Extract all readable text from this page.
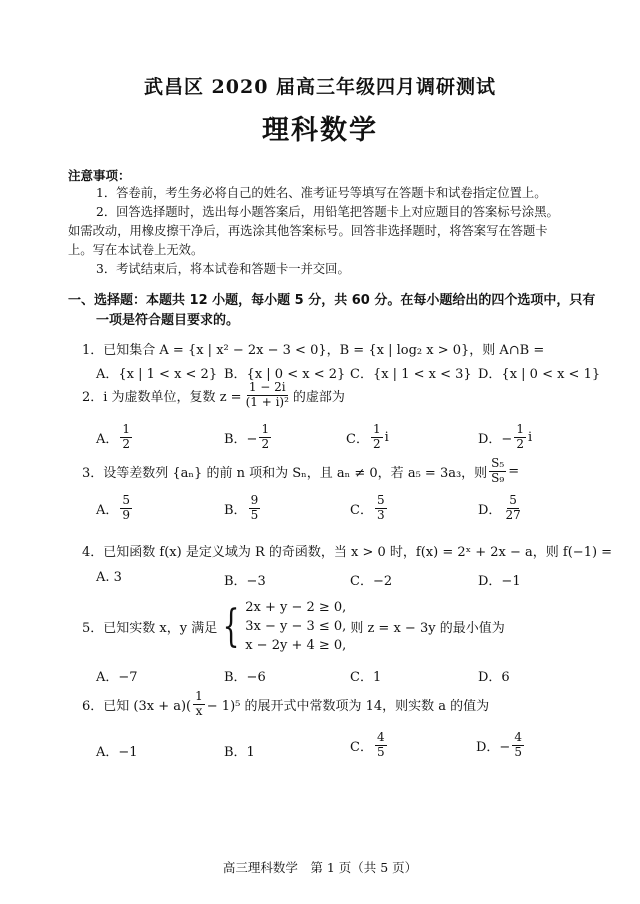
武昌区 2020 届高三年级四月调研测试
理科数学
注意事项：
1．答卷前，考生务必将自己的姓名、准考证号等填写在答题卡和试卷指定位置上。
2．回答选择题时，选出每小题答案后，用铅笔把答题卡上对应题目的答案标号涂黑。
如需改动，用橡皮擦干净后，再选涂其他答案标号。回答非选择题时，将答案写在答题卡
上。写在本试卷上无效。
3．考试结束后，将本试卷和答题卡一并交回。
一、选择题：本题共 12 小题，每小题 5 分，共 60 分。在每小题给出的四个选项中，只有
一项是符合题目要求的。
1．已知集合 A = {x | x² − 2x − 3 < 0}，B = {x | log₂ x > 0}，则 A∩B =
A．{x | 1 < x < 2} B．{x | 0 < x < 2} C．{x | 1 < x < 3} D．{x | 0 < x < 1}
2．i 为虚数单位，复数 $z = \frac{1 - 2i}{\text{(1 + i)²}}$ 的虚部为
A． $\frac{1}{2}$	B．− $\frac{1}{2}$	C． $\frac{1}{2}$ i	D．− $\frac{1}{2}$ i
3．设等差数列 {aₙ} 的前 n 项和为 Sₙ，且 aₙ ≠ 0，若 a₅ = 3a₃，则 $\frac{\text{S₅}}{\text{S₉}}$ =
A． $\frac{5}{9}$	B． $\frac{9}{5}$	C． $\frac{5}{3}$	D． $\frac{5}{27}$
4．已知函数 f(x) 是定义域为 R 的奇函数，当 x > 0 时，f(x) = 2ˣ + 2x − a，则 f(−1) =
A. 3	B．−3	C．−2	D．−1
5．已知实数 x，y 满足 { 2x + y − 2 ≥ 0,
3x − y − 3 ≤ 0,
x − 2y + 4 ≥ 0,
则 z = x − 3y 的最小值为
A．−7	B．−6	C．1	D．6
6．已知 $(3x + a)( \frac{1}{x} - 1)^5$ 的展开式中常数项为 14，则实数 a 的值为
A．−1	B．1	C． $\frac{4}{5}$	D．− $\frac{4}{5}$
高三理科数学　第 1 页（共 5 页）
